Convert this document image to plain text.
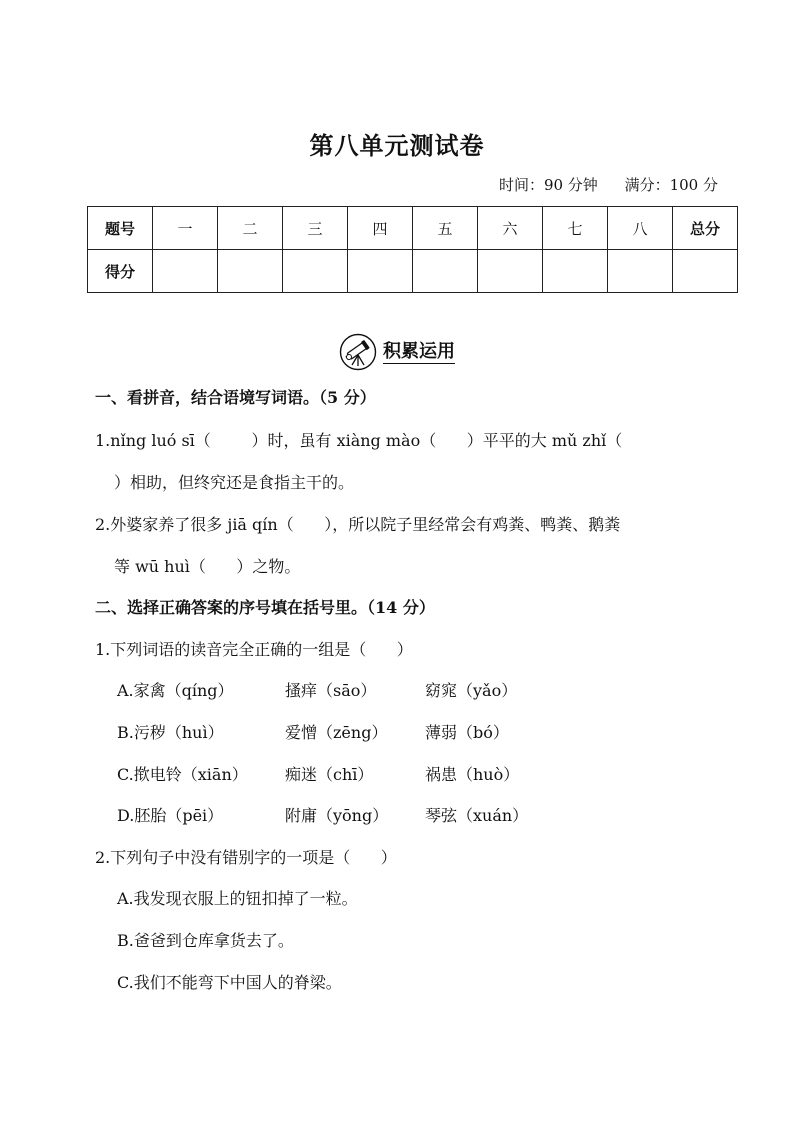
第八单元测试卷
时间：90 分钟 满分：100 分
题号	一	二	三	四	五	六	七	八	总分
得分									
积累运用
一、看拼音，结合语境写词语。（5 分）
1.nǐng luó sī（        ）时，虽有 xiàng mào（      ）平平的大 mǔ zhǐ（
）相助，但终究还是食指主干的。
2.外婆家养了很多 jiā qín（      ），所以院子里经常会有鸡粪、鸭粪、鹅粪
等 wū huì（      ）之物。
二、选择正确答案的序号填在括号里。（14 分）
1.下列词语的读音完全正确的一组是（      ）
A.家禽（qíng）	搔痒（sāo）	窈窕（yǎo）
B.污秽（huì）	爱憎（zēng） 薄弱（bó）
C.揿电铃（xiān） 痴迷（chī）	祸患（huò）
D.胚胎（pēi）	附庸（yōng） 琴弦（xuán）
2.下列句子中没有错别字的一项是（      ）
A.我发现衣服上的钮扣掉了一粒。
B.爸爸到仓库拿货去了。
C.我们不能弯下中国人的脊梁。
